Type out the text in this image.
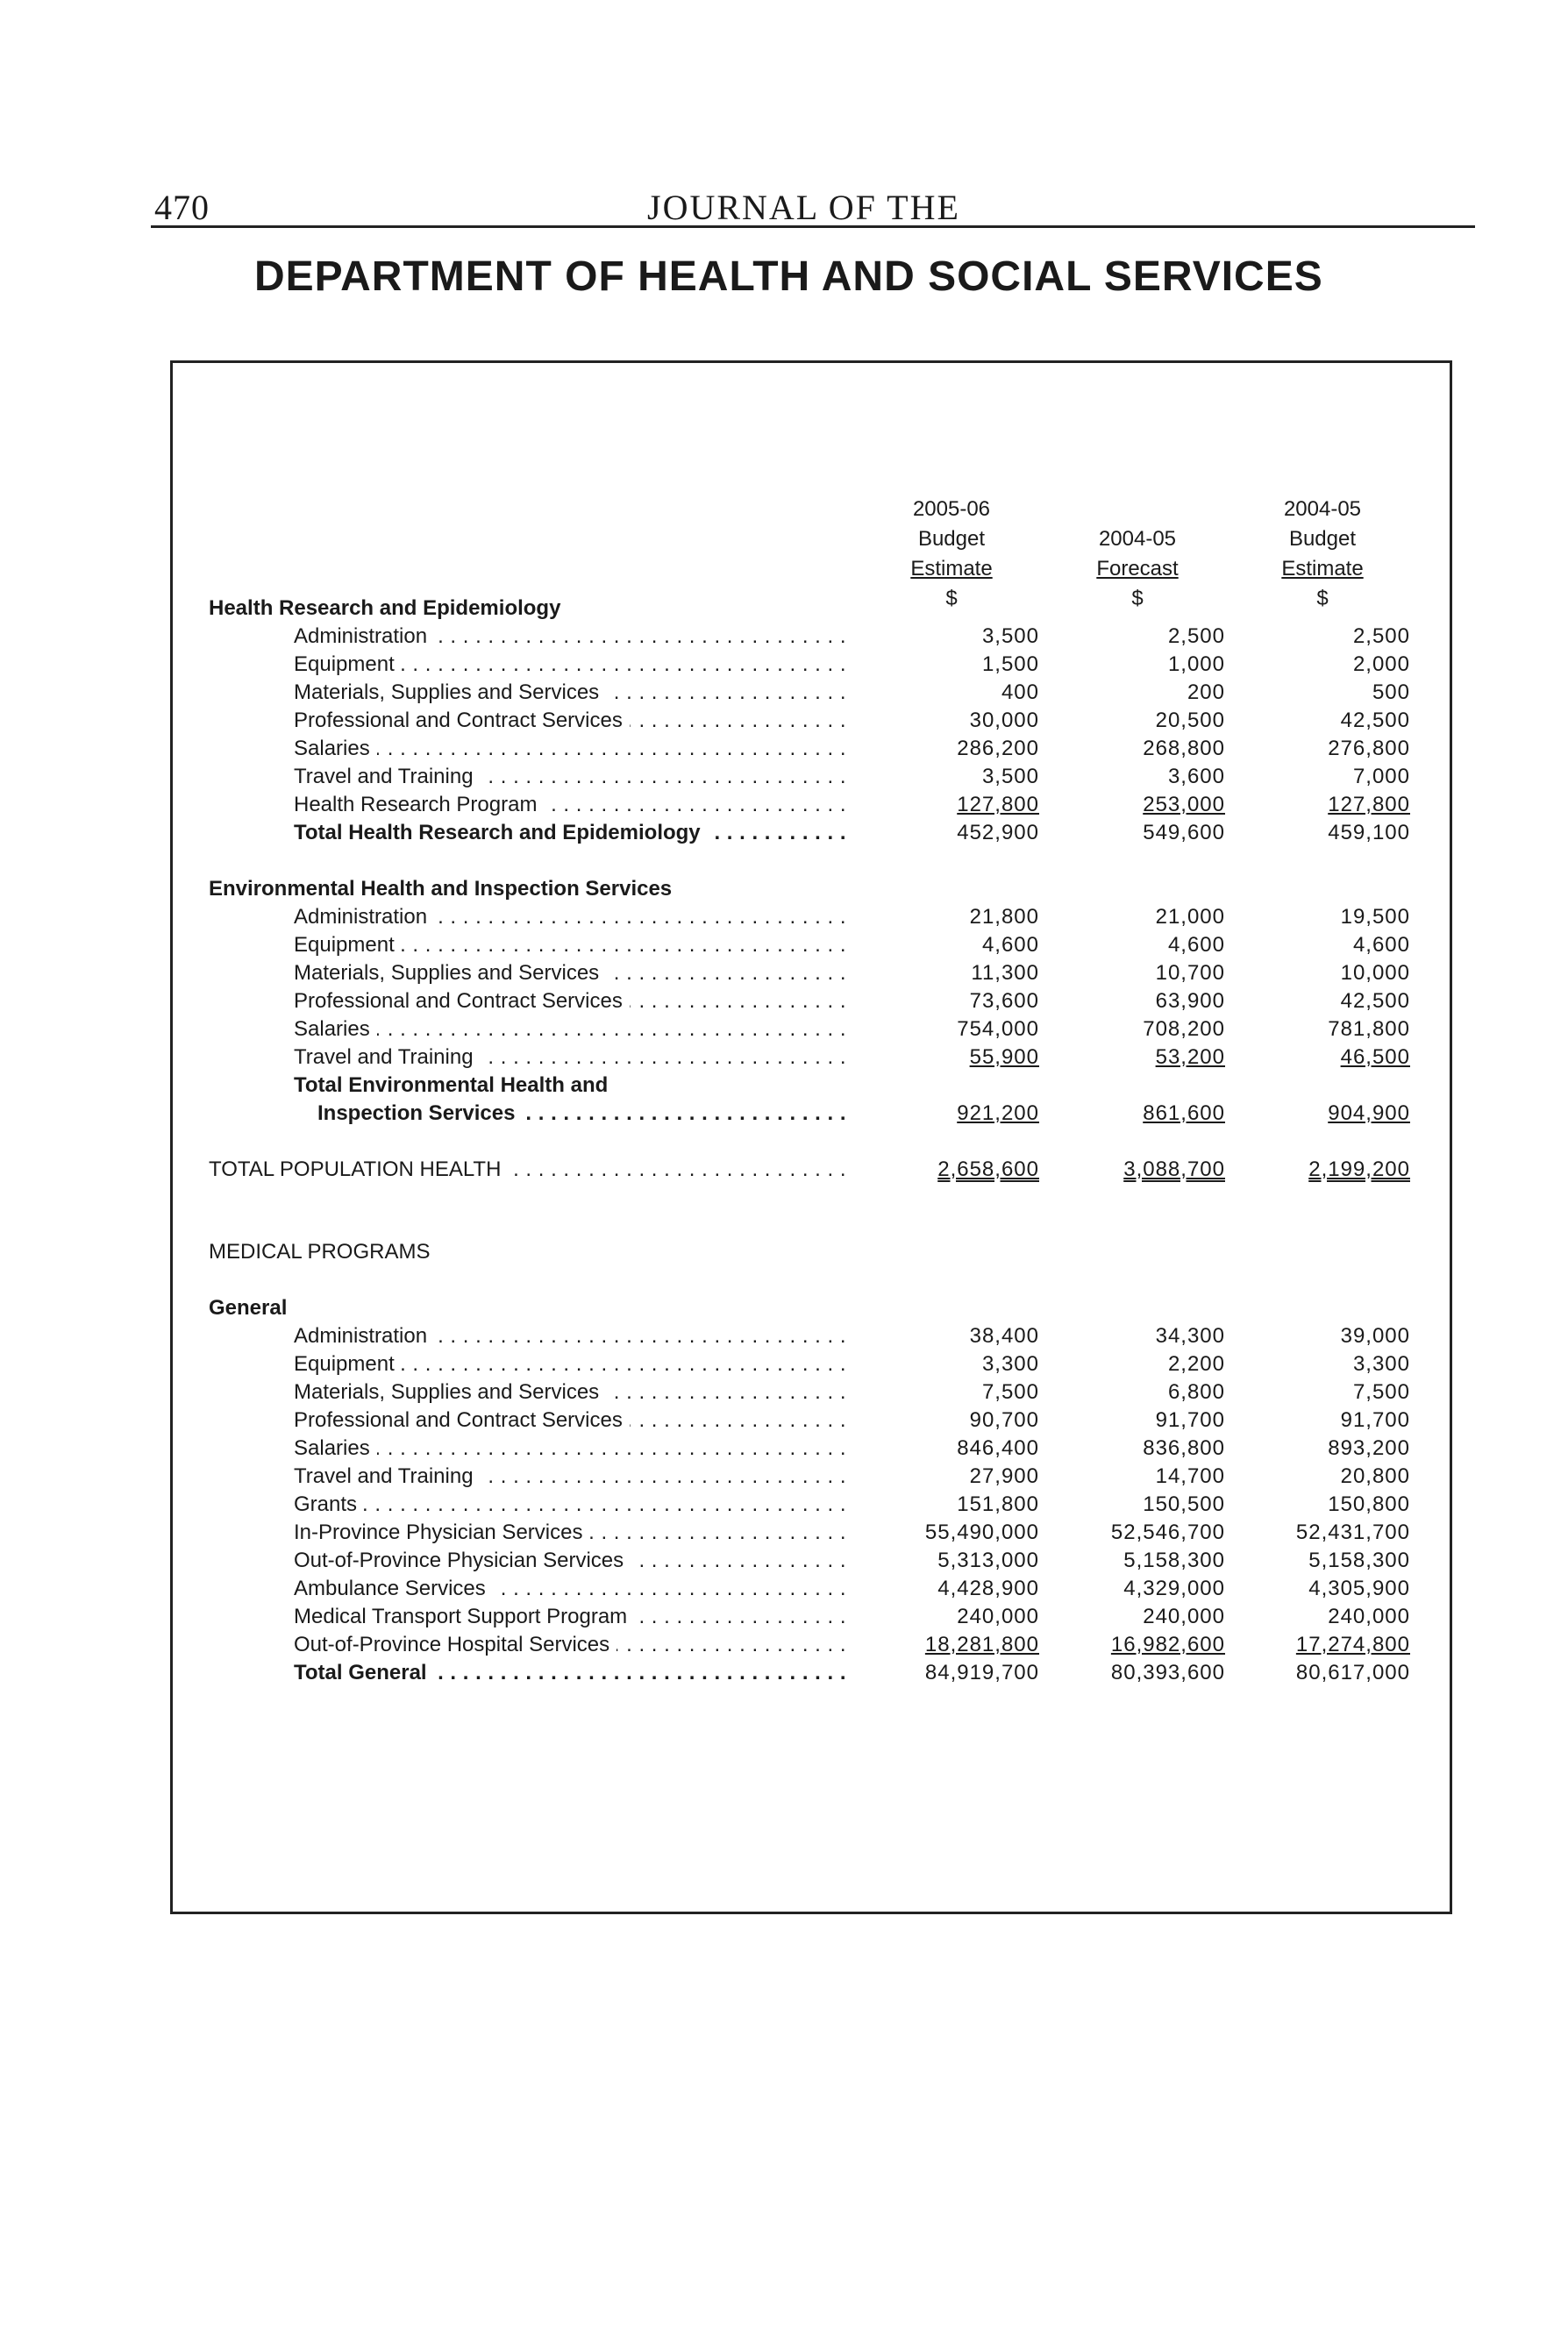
470	JOURNAL OF THE
DEPARTMENT OF HEALTH AND SOCIAL SERVICES
2005-06
Budget
Estimate
$
2004-05
Forecast
$
2004-05
Budget
Estimate
$
Health Research and Epidemiology
Administration . . .	3,500	2,500	2,500
Equipment . . .	1,500	1,000	2,000
Materials, Supplies and Services . . .	400	200	500
Professional and Contract Services . . .	30,000	20,500	42,500
Salaries . . .	286,200	268,800	276,800
Travel and Training . . .	3,500	3,600	7,000
Health Research Program . . .	127,800	253,000	127,800
Total Health Research and Epidemiology . . .	452,900	549,600	459,100
Environmental Health and Inspection Services
Administration . . .	21,800	21,000	19,500
Equipment . . .	4,600	4,600	4,600
Materials, Supplies and Services . . .	11,300	10,700	10,000
Professional and Contract Services . . .	73,600	63,900	42,500
Salaries . . .	754,000	708,200	781,800
Travel and Training . . .	55,900	53,200	46,500
Total Environmental Health and
Inspection Services . . .	921,200	861,600	904,900
TOTAL POPULATION HEALTH . . .	2,658,600	3,088,700	2,199,200
MEDICAL PROGRAMS
General
Administration . . .	38,400	34,300	39,000
Equipment . . .	3,300	2,200	3,300
Materials, Supplies and Services . . .	7,500	6,800	7,500
Professional and Contract Services . . .	90,700	91,700	91,700
Salaries . . .	846,400	836,800	893,200
Travel and Training . . .	27,900	14,700	20,800
Grants . . .	151,800	150,500	150,800
In-Province Physician Services . . .	55,490,000	52,546,700	52,431,700
Out-of-Province Physician Services . . .	5,313,000	5,158,300	5,158,300
Ambulance Services . . .	4,428,900	4,329,000	4,305,900
Medical Transport Support Program . . .	240,000	240,000	240,000
Out-of-Province Hospital Services . . .	18,281,800	16,982,600	17,274,800
Total General . . .	84,919,700	80,393,600	80,617,000
